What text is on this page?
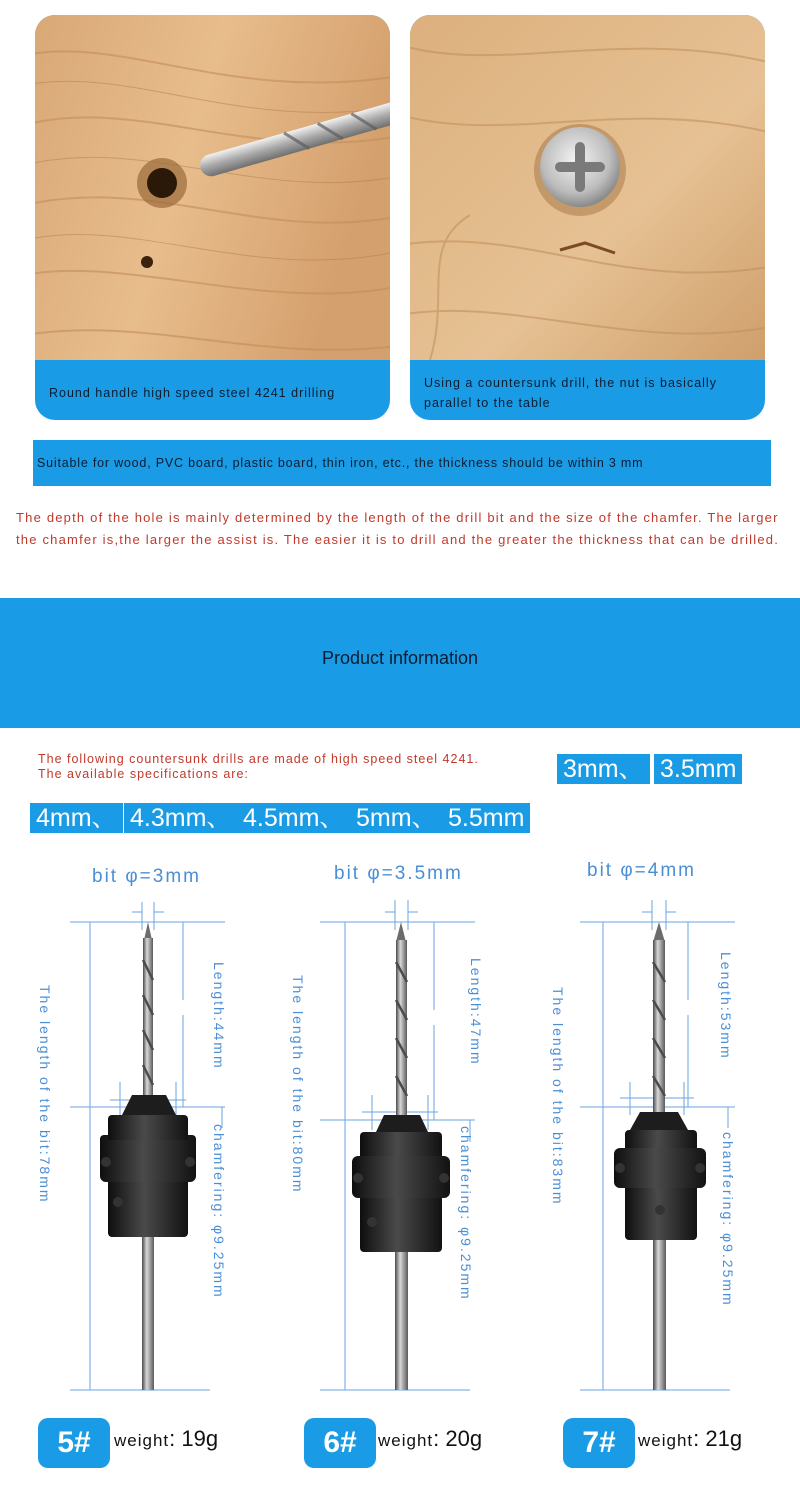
Round handle high speed steel 4241 drilling
Using a countersunk drill, the nut is basically parallel to the table
Suitable for wood, PVC board, plastic board, thin iron, etc., the thickness should be within 3 mm
The depth of the hole is mainly determined by the length of the drill bit and the size of the chamfer. The larger the chamfer is,the larger the assist is. The easier it is to drill and the greater the thickness that can be drilled.
Product information
The following countersunk drills are made of high speed steel 4241.
The available specifications are:	3mm、 3.5mm
4mm、 4.3mm、 4.5mm、 5mm、 5.5mm
bit φ=3mm	bit φ=3.5mm	bit φ=4mm
The length of the bit:78mm	Length:44mm
chamfering: φ9.25mm
The length of the bit:80mm	Length:47mm
chamfering: φ9.25mm
The length of the bit:83mm	Length:53mm
chamfering: φ9.25mm
5#	weight: 19g	6#	weight: 20g	7#	weight: 21g
